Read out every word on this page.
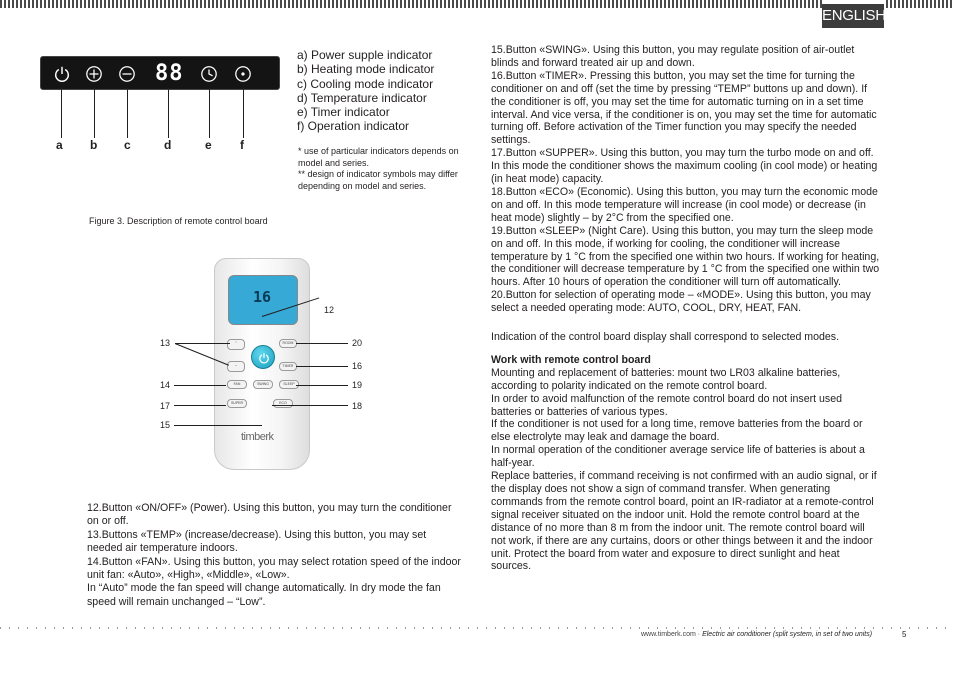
ENGLISH
88
a b c	d	e f
a) Power supple indicator
b) Heating mode indicator
c) Cooling mode indicator
d) Temperature indicator
e) Timer indicator
f) Operation indicator
* use of particular indicators depends on model and series.
** design of indicator symbols may differ depending on model and series.
Figure 3. Description of remote control board
16
⌃
⌄
ROOM
TIMER
FAN	SWING	SLEEP
SUPER	ECO
timberk
12
13	20
16
14	19
17	18
15

12.Button «ON/OFF» (Power). Using this button, you may turn the conditioner on or off.

13.Buttons «TEMP» (increase/decrease). Using this button, you may set needed air temperature indoors.

14.Button «FAN». Using this button, you may select rotation speed of the indoor unit fan: «Auto», «High», «Middle», «Low».

In “Auto” mode the fan speed will change automatically. In dry mode the fan speed will remain unchanged – “Low”.

15.Button «SWING». Using this button, you may regulate position of air-outlet blinds and forward treated air up and down.

16.Button «TIMER». Pressing this button, you may set the time for turning the conditioner on and off (set the time by pressing “TEMP” buttons up and down). If the conditioner is off, you may set the time for automatic turning on in a set time interval. And vice versa, if the conditioner is on, you may set the time for automatic turning off. Before activation of the Timer function you may specify the needed settings.

17.Button «SUPPER». Using this button, you may turn the turbo mode on and off. In this mode the conditioner shows the maximum cooling (in cool mode) or heating (in heat mode) capacity.

18.Button «ECO» (Economic). Using this button, you may turn the economic mode on and off. In this mode temperature will increase (in cool mode) or decrease (in heat mode) slightly – by 2°C from the specified one.

19.Button «SLEEP» (Night Care). Using this button, you may turn the sleep mode on and off. In this mode, if working for cooling, the conditioner will increase temperature by 1 °C from the specified one within two hours. If working for heating, the conditioner will decrease temperature by 1 °C from the specified one within two hours. After 10 hours of operation the conditioner will turn off automatically.

20.Button for selection of operating mode – «MODE». Using this button, you may select a needed operating mode: AUTO, COOL, DRY, HEAT, FAN.

Indication of the control board display shall correspond to selected modes.

Work with remote control board

Mounting and replacement of batteries: mount two LR03 alkaline batteries, according to polarity indicated on the remote control board.

In order to avoid malfunction of the remote control board do not insert used batteries or batteries of various types.

If the conditioner is not used for a long time, remove batteries from the board or else electrolyte may leak and damage the board.

In normal operation of the conditioner average service life of batteries is about a half-year.

Replace batteries, if command receiving is not confirmed with an audio signal, or if the display does not show a sign of command transfer. When generating commands from the remote control board, point an IR-radiator at a remote-control signal receiver situated on the indoor unit. Hold the remote control board at the distance of no more than 8 m from the indoor unit. The remote control board will not work, if there are any curtains, doors or other things between it and the indoor unit. Protect the board from water and exposure to direct sunlight and heat sources.

www.timberk.com · Electric air conditioner (split system, in set of two units)	5
